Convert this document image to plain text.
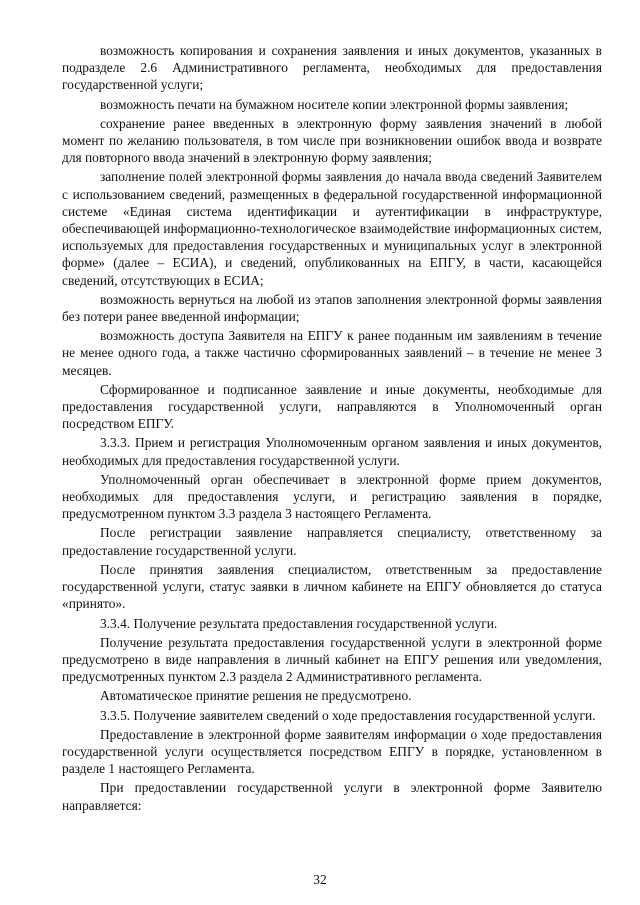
возможность копирования и сохранения заявления и иных документов, указанных в подразделе 2.6 Административного регламента, необходимых для предоставления государственной услуги;

возможность печати на бумажном носителе копии электронной формы заявления;

сохранение ранее введенных в электронную форму заявления значений в любой момент по желанию пользователя, в том числе при возникновении ошибок ввода и возврате для повторного ввода значений в электронную форму заявления;

заполнение полей электронной формы заявления до начала ввода сведений Заявителем с использованием сведений, размещенных в федеральной государственной информационной системе «Единая система идентификации и аутентификации в инфраструктуре, обеспечивающей информационно-технологическое взаимодействие информационных систем, используемых для предоставления государственных и муниципальных услуг в электронной форме» (далее – ЕСИА), и сведений, опубликованных на ЕПГУ, в части, касающейся сведений, отсутствующих в ЕСИА;

возможность вернуться на любой из этапов заполнения электронной формы заявления без потери ранее введенной информации;

возможность доступа Заявителя на ЕПГУ к ранее поданным им заявлениям в течение не менее одного года, а также частично сформированных заявлений – в течение не менее 3 месяцев.

Сформированное и подписанное заявление и иные документы, необходимые для предоставления государственной услуги, направляются в Уполномоченный орган посредством ЕПГУ.

3.3.3. Прием и регистрация Уполномоченным органом заявления и иных документов, необходимых для предоставления государственной услуги.

Уполномоченный орган обеспечивает в электронной форме прием документов, необходимых для предоставления услуги, и регистрацию заявления в порядке, предусмотренном пунктом 3.3 раздела 3 настоящего Регламента.

После регистрации заявление направляется специалисту, ответственному за предоставление государственной услуги.

После принятия заявления специалистом, ответственным за предоставление государственной услуги, статус заявки в личном кабинете на ЕПГУ обновляется до статуса «принято».

3.3.4. Получение результата предоставления государственной услуги.

Получение результата предоставления государственной услуги в электронной форме предусмотрено в виде направления в личный кабинет на ЕПГУ решения или уведомления, предусмотренных пунктом 2.3 раздела 2 Административного регламента.

Автоматическое принятие решения не предусмотрено.

3.3.5. Получение заявителем сведений о ходе предоставления государственной услуги.

Предоставление в электронной форме заявителям информации о ходе предоставления государственной услуги осуществляется посредством ЕПГУ в порядке, установленном в разделе 1 настоящего Регламента.

При предоставлении государственной услуги в электронной форме Заявителю направляется:

32
